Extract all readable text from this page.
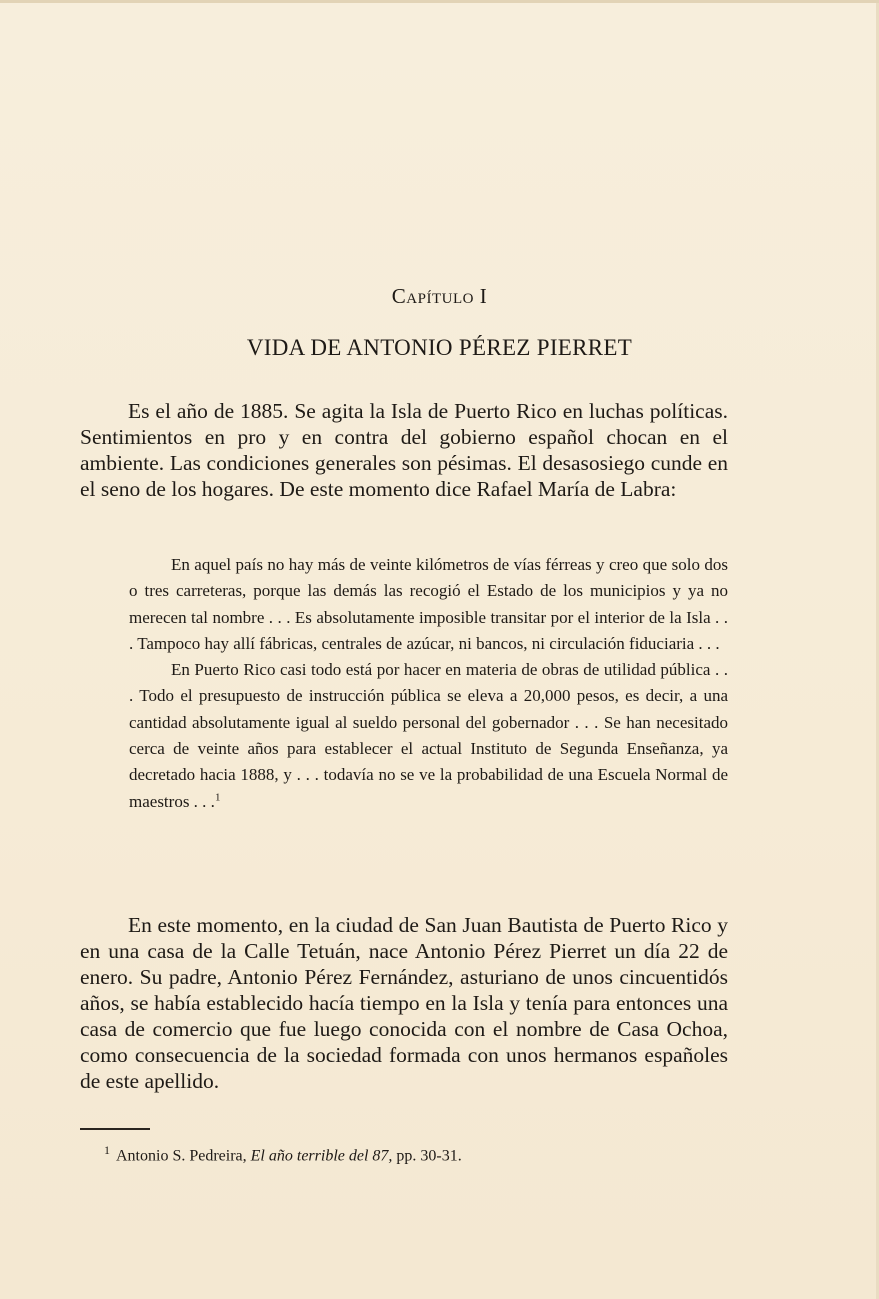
Capítulo I
VIDA DE ANTONIO PÉREZ PIERRET

Es el año de 1885. Se agita la Isla de Puerto Rico en luchas políticas. Sentimientos en pro y en contra del gobierno español chocan en el ambiente. Las condiciones generales son pésimas. El desasosiego cunde en el seno de los hogares. De este momento dice Rafael María de Labra:

En aquel país no hay más de veinte kilómetros de vías férreas y creo que solo dos o tres carreteras, porque las demás las recogió el Estado de los municipios y ya no merecen tal nombre . . . Es absolutamente imposible transitar por el interior de la Isla . . . Tampoco hay allí fábricas, centrales de azúcar, ni bancos, ni circulación fiduciaria . . .

En Puerto Rico casi todo está por hacer en materia de obras de utilidad pública . . . Todo el presupuesto de instrucción pública se eleva a 20,000 pesos, es decir, a una cantidad absolutamente igual al sueldo personal del gobernador . . . Se han necesitado cerca de veinte años para establecer el actual Instituto de Segunda Enseñanza, ya decretado hacia 1888, y . . . todavía no se ve la probabilidad de una Escuela Normal de maestros . . .$^1$

En este momento, en la ciudad de San Juan Bautista de Puerto Rico y en una casa de la Calle Tetuán, nace Antonio Pérez Pierret un día 22 de enero. Su padre, Antonio Pérez Fernández, asturiano de unos cincuentidós años, se había establecido hacía tiempo en la Isla y tenía para entonces una casa de comercio que fue luego conocida con el nombre de Casa Ochoa, como consecuencia de la sociedad formada con unos hermanos españoles de este apellido.

$^1$ Antonio S. Pedreira, El año terrible del 87, pp. 30-31.
